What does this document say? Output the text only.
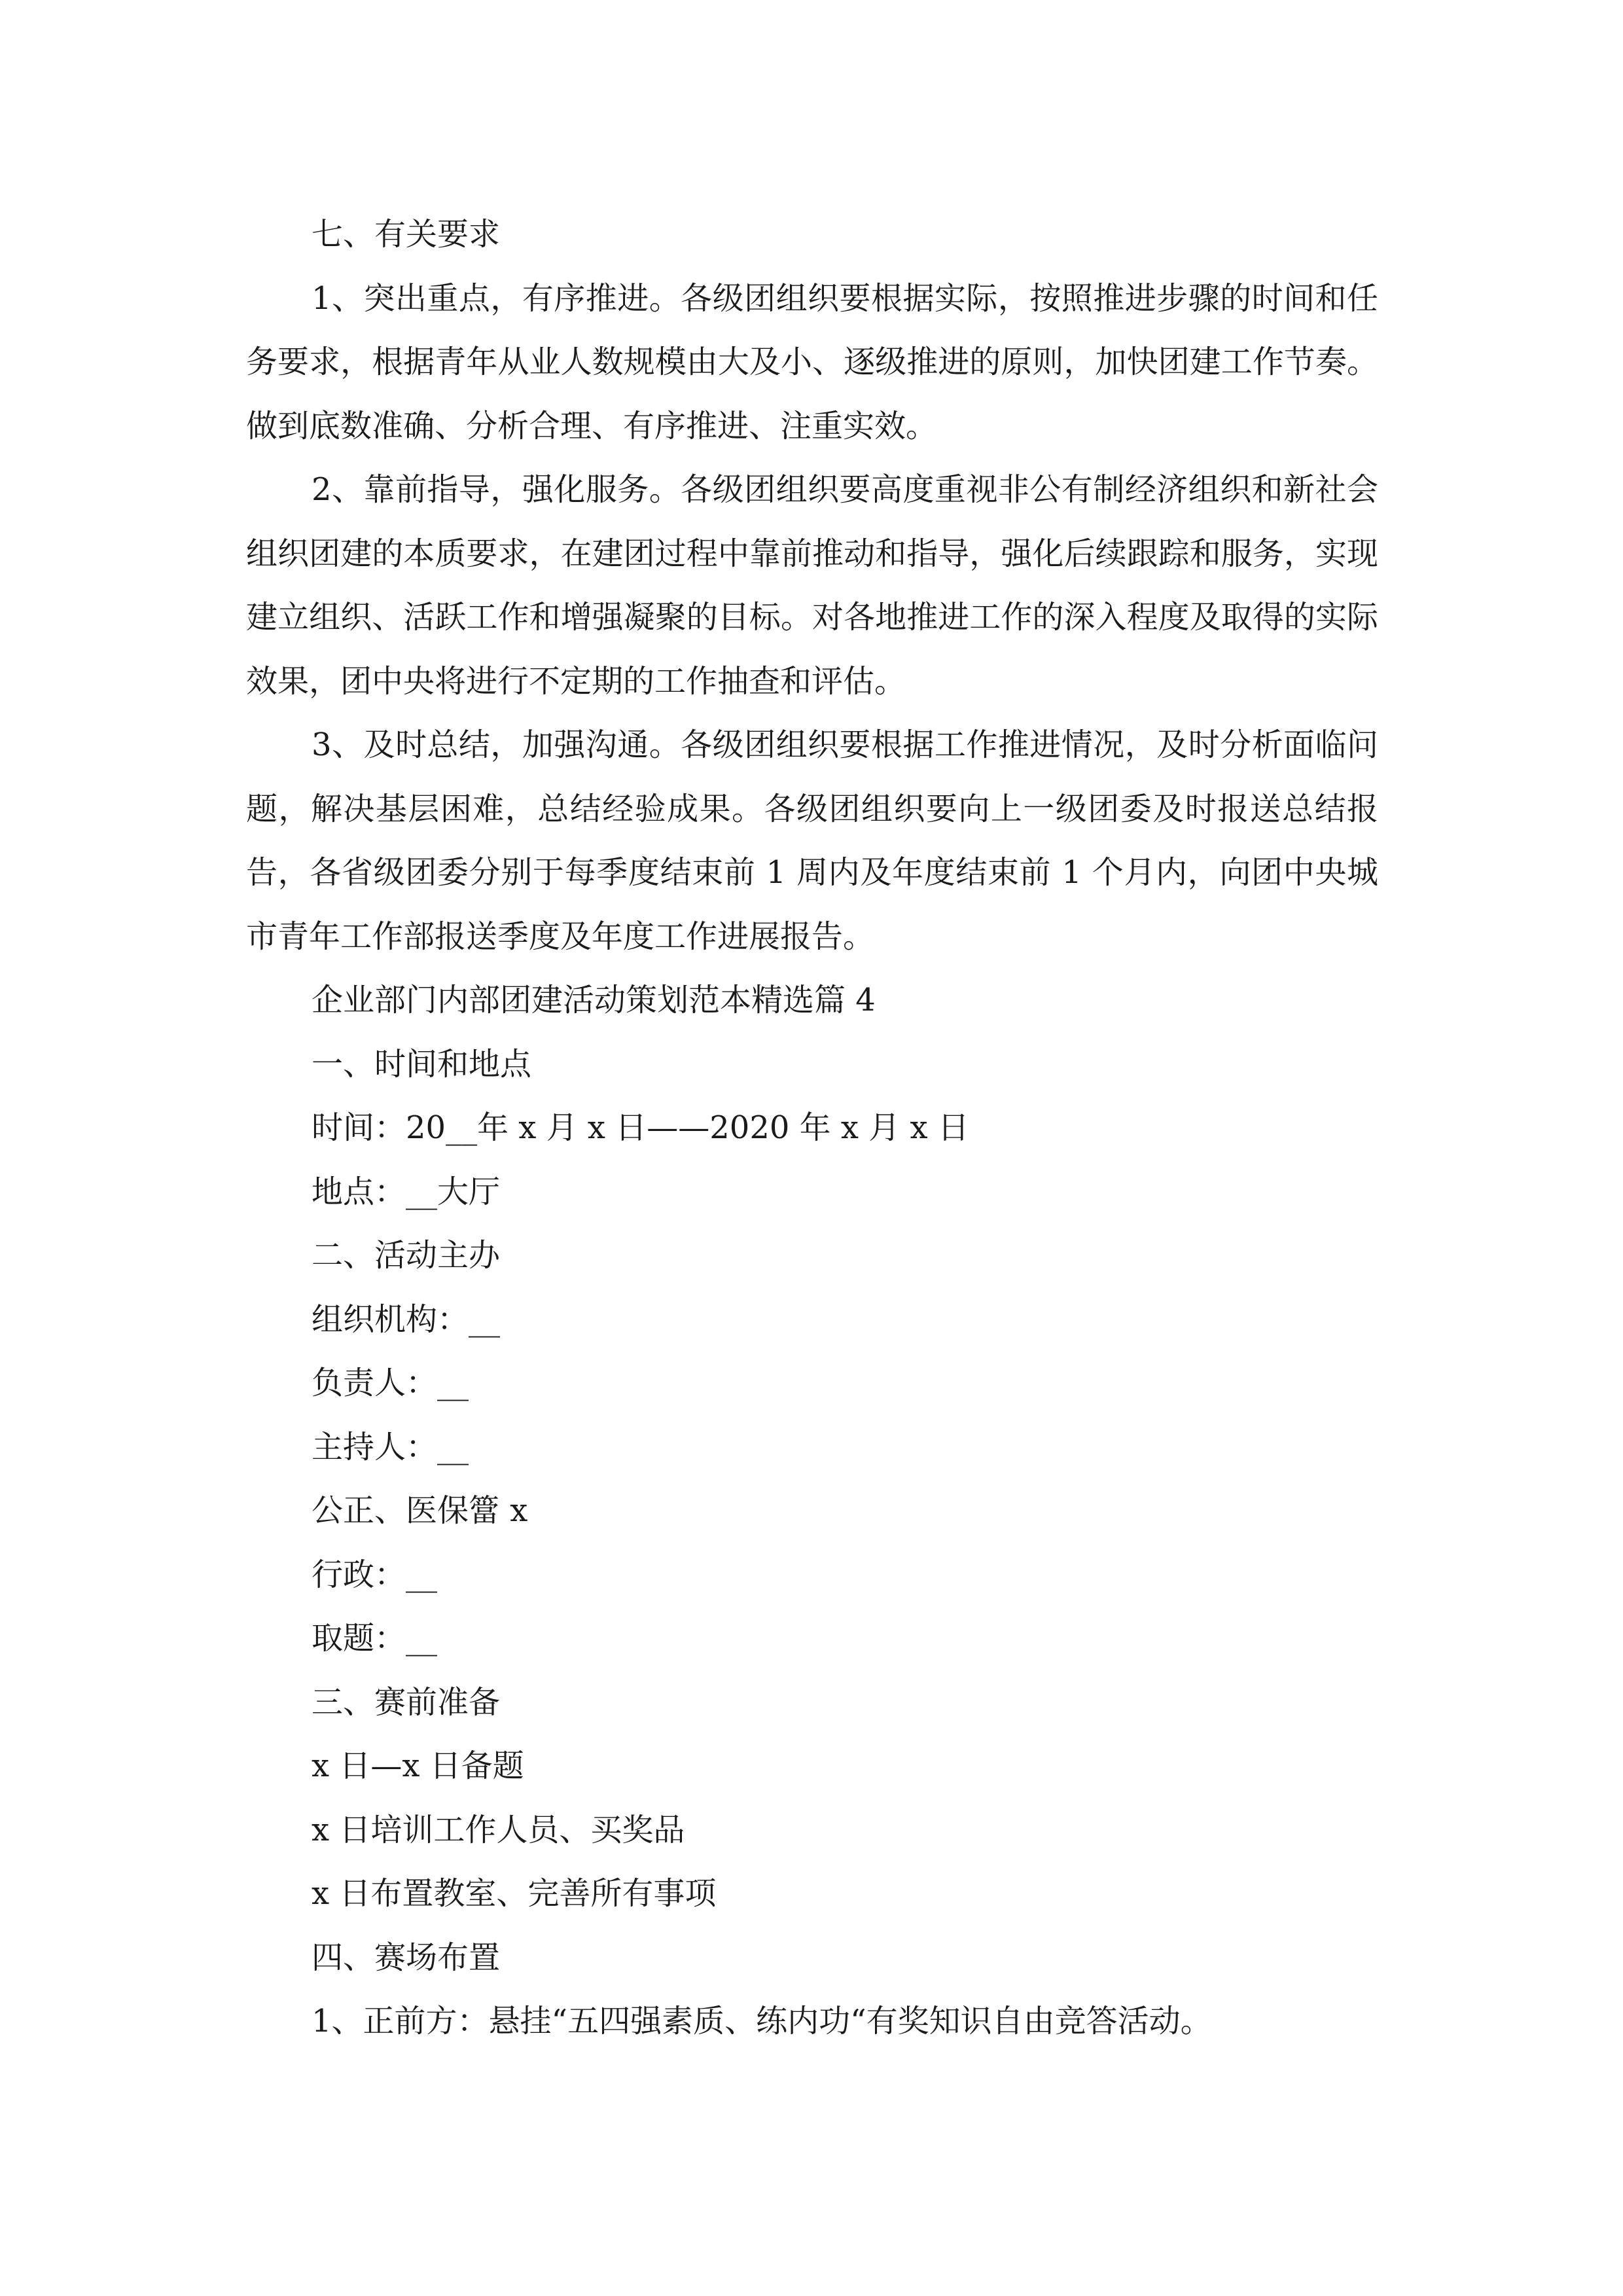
七、有关要求

1、突出重点，有序推进。各级团组织要根据实际，按照推进步骤的时间和任务要求，根据青年从业人数规模由大及小、逐级推进的原则，加快团建工作节奏。做到底数准确、分析合理、有序推进、注重实效。

2、靠前指导，强化服务。各级团组织要高度重视非公有制经济组织和新社会组织团建的本质要求，在建团过程中靠前推动和指导，强化后续跟踪和服务，实现建立组织、活跃工作和增强凝聚的目标。对各地推进工作的深入程度及取得的实际效果，团中央将进行不定期的工作抽查和评估。

3、及时总结，加强沟通。各级团组织要根据工作推进情况，及时分析面临问题，解决基层困难，总结经验成果。各级团组织要向上一级团委及时报送总结报告，各省级团委分别于每季度结束前 1 周内及年度结束前 1 个月内，向团中央城市青年工作部报送季度及年度工作进展报告。

企业部门内部团建活动策划范本精选篇 4

一、时间和地点

时间：20__年 x 月 x 日——2020 年 x 月 x 日

地点：__大厅

二、活动主办

组织机构：__

负责人：__

主持人：__

公正、医保簹 x

行政：__

取题：__

三、赛前准备

x 日—x 日备题

x 日培训工作人员、买奖品

x 日布置教室、完善所有事项

四、赛场布置

1、正前方：悬挂“五四强素质、练内功“有奖知识自由竞答活动。
